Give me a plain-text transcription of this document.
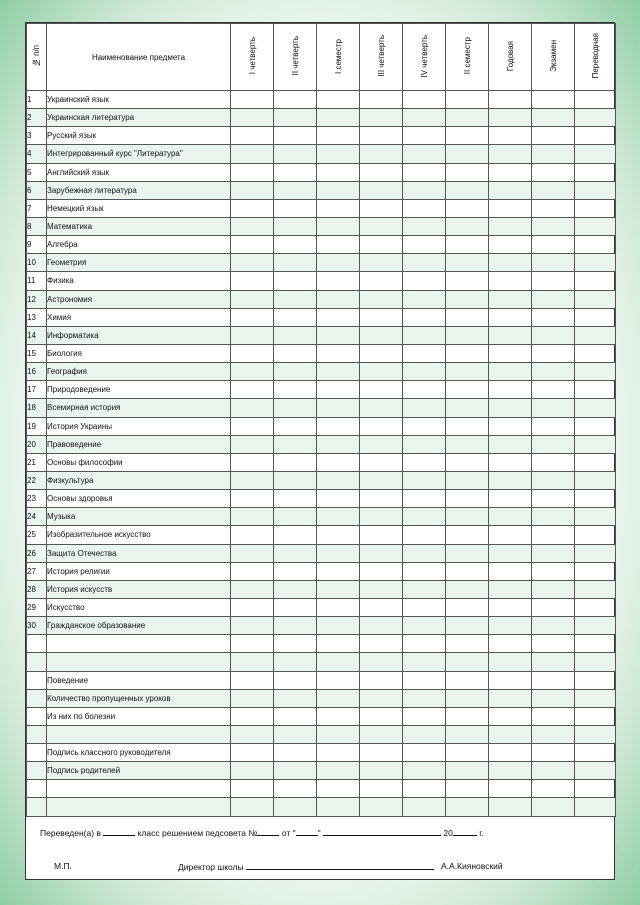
№ п/п	Наименование предмета	I четверть	II четверть	I семестр	III четверть	IV четверть	II семестр	Годовая	Экзамен	Переводная
1	Украинский язык									
2	Украинская литература									
3	Русский язык									
4	Интегрированный курс "Литература"									
5	Английский язык									
6	Зарубежная литература									
7	Немецкий язык									
8	Математика									
9	Алгебра									
10	Геометрия									
11	Физика									
12	Астрономия									
13	Химия									
14	Информатика									
15	Биология									
16	География									
17	Природоведение									
18	Всемирная история									
19	История Украины									
20	Правоведение									
21	Основы философии									
22	Физкультура									
23	Основы здоровья									
24	Музыка									
25	Изобразительное искусство									
26	Защита Отечества									
27	История религии									
28	История искусств									
29	Искусство									
30	Гражданское образование									

	Поведение									
	Количество пропущенных уроков									
	Из них по болезни									

	Подпись классного руководителя									
	Подпись родителей									

Переведен(а) в	класс решением педсовета №	от "	"	20	г.
М.П.	Директор школы	А.А.Кияновский
